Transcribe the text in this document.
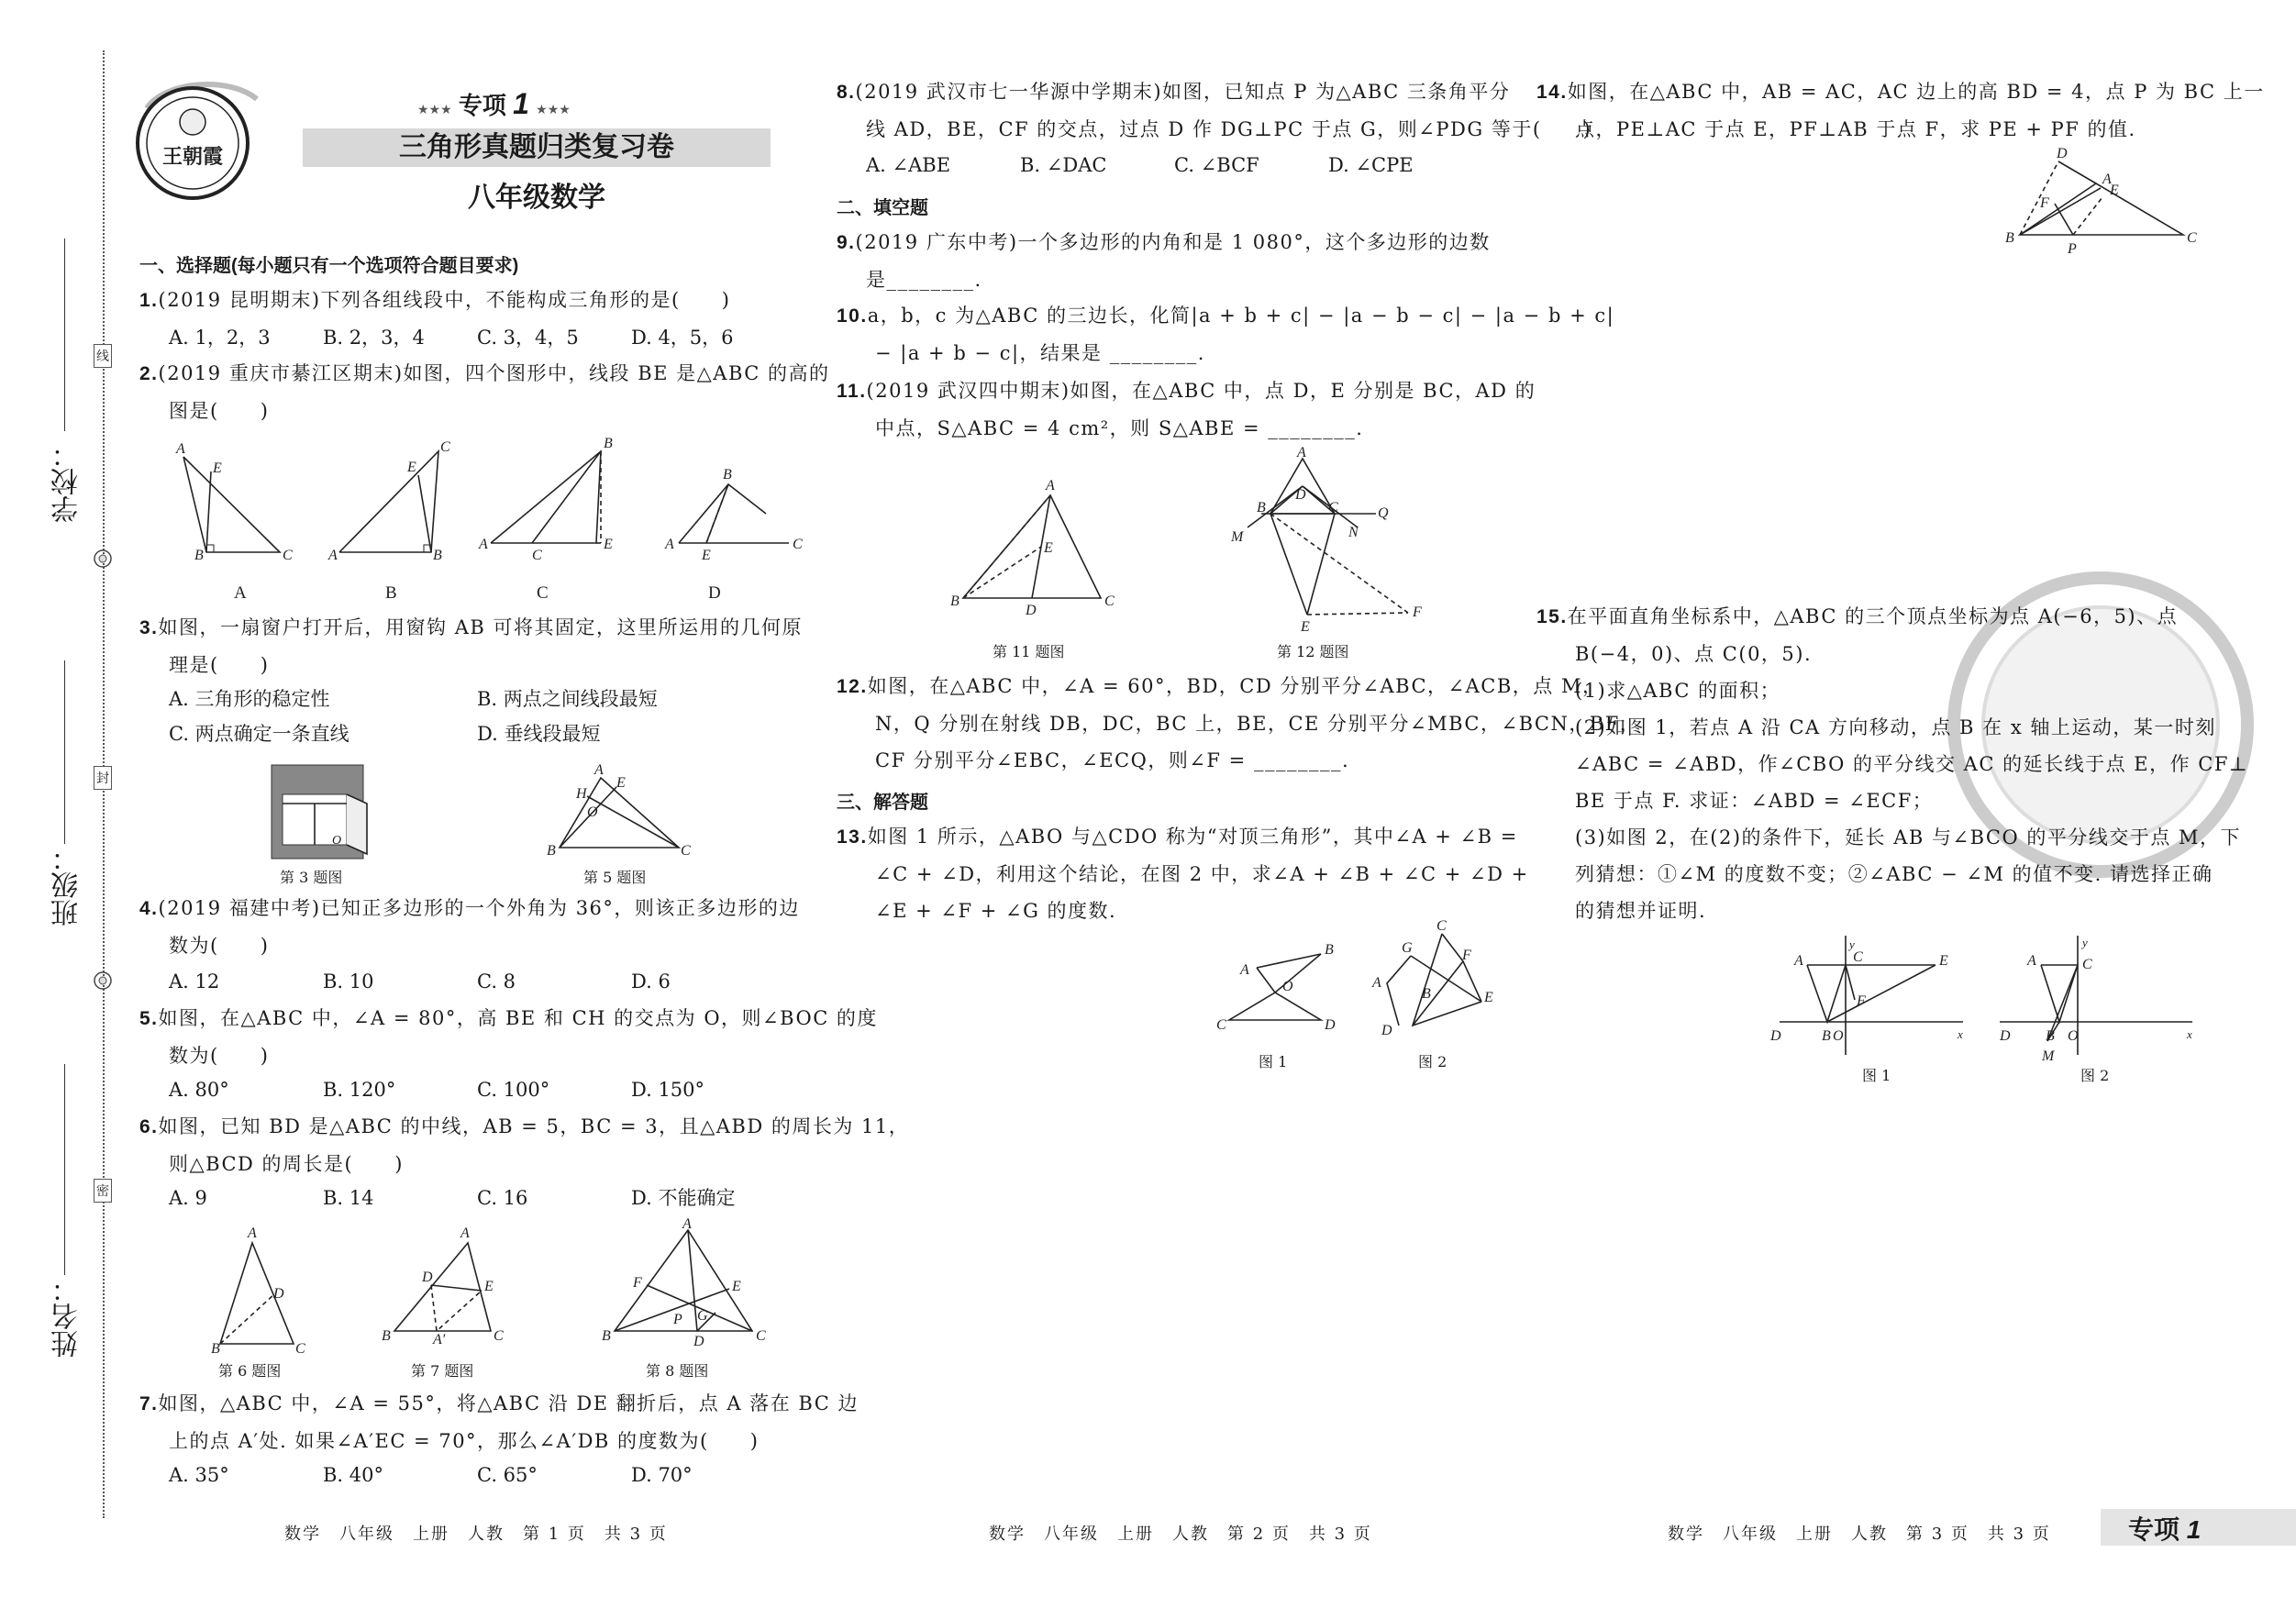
学校：
班级：
姓名：
线
封
密
王朝霞
★★★ 专项 1 ★★★
三角形真题归类复习卷
八年级数学
一、选择题(每小题只有一个选项符合题目要求)
1.(2019 昆明期末)下列各组线段中，不能构成三角形的是(　　)
A. 1，2，3	B. 2，3，4	C. 3，4，5	D. 4，5，6
2.(2019 重庆市綦江区期末)如图，四个图形中，线段 BE 是△ABC 的高的
图是(　　)
A
E
B	C A
E
B
C
A
C
B
E	A
B
E
C
A	B	C	D
3.如图，一扇窗户打开后，用窗钩 AB 可将其固定，这里所运用的几何原
理是(　　)
A. 三角形的稳定性	B. 两点之间线段最短
C. 两点确定一条直线	D. 垂线段最短
O
A
E
H
O
B	C
第 3 题图	第 5 题图
4.(2019 福建中考)已知正多边形的一个外角为 36°，则该正多边形的边
数为(　　)
A. 12	B. 10	C. 8	D. 6
5.如图，在△ABC 中，∠A = 80°，高 BE 和 CH 的交点为 O，则∠BOC 的度
数为(　　)
A. 80°	B. 120°	C. 100°	D. 150°
6.如图，已知 BD 是△ABC 的中线，AB = 5，BC = 3，且△ABD 的周长为 11，
则△BCD 的周长是(　　)
A. 9	B. 14	C. 16	D. 不能确定
A
D
B	C
A
D
E
A′
B	C
A
F	E
G
P
B	D	C
第 6 题图	第 7 题图	第 8 题图
7.如图，△ABC 中，∠A = 55°，将△ABC 沿 DE 翻折后，点 A 落在 BC 边
上的点 A′处. 如果∠A′EC = 70°，那么∠A′DB 的度数为(　　)
A. 35°	B. 40°	C. 65°	D. 70°
8.(2019 武汉市七一华源中学期末)如图，已知点 P 为△ABC 三条角平分
线 AD，BE，CF 的交点，过点 D 作 DG⊥PC 于点 G，则∠PDG 等于(　　)
A. ∠ABE	B. ∠DAC	C. ∠BCF	D. ∠CPE
二、填空题
9.(2019 广东中考)一个多边形的内角和是 1 080°，这个多边形的边数
是________.
10.a，b，c 为△ABC 的三边长，化简|a + b + c| − |a − b − c| − |a − b + c|
− |a + b − c|，结果是 ________.
11.(2019 武汉四中期末)如图，在△ABC 中，点 D，E 分别是 BC，AD 的
中点，S△ABC = 4 cm²，则 S△ABE = ________.
A
E
B
D
C
A
B
D
C	Q
M	N
E
F
第 11 题图	第 12 题图
12.如图，在△ABC 中，∠A = 60°，BD，CD 分别平分∠ABC，∠ACB，点 M，
N，Q 分别在射线 DB，DC，BC 上，BE，CE 分别平分∠MBC，∠BCN，BF，
CF 分别平分∠EBC，∠ECQ，则∠F = ________.
三、解答题
13.如图 1 所示，△ABO 与△CDO 称为“对顶三角形”，其中∠A + ∠B =
∠C + ∠D，利用这个结论，在图 2 中，求∠A + ∠B + ∠C + ∠D +
∠E + ∠F + ∠G 的度数.
A
B
O
C	D
C
G	F
A
E
D
B
图 1	图 2
14.如图，在△ABC 中，AB = AC，AC 边上的高 BD = 4，点 P 为 BC 上一
点，PE⊥AC 于点 E，PF⊥AB 于点 F，求 PE + PF 的值.
D
A
E
F
B
P
C
15.在平面直角坐标系中，△ABC 的三个顶点坐标为点 A(−6，5)、点
B(−4，0)、点 C(0，5).
(1)求△ABC 的面积；
(2)如图 1，若点 A 沿 CA 方向移动，点 B 在 x 轴上运动，某一时刻
∠ABC = ∠ABD，作∠CBO 的平分线交 AC 的延长线于点 E，作 CF⊥
BE 于点 F. 求证：∠ABD = ∠ECF；
(3)如图 2，在(2)的条件下，延长 AB 与∠BCO 的平分线交于点 M，下
列猜想：①∠M 的度数不变；②∠ABC − ∠M 的值不变. 请选择正确
的猜想并证明.
A
y
C	E
F
D	B O	x
A
y
C
D B O
M
x
图 1	图 2
数学　八年级　上册　人教　第 1 页　共 3 页	数学　八年级　上册　人教　第 2 页　共 3 页	数学　八年级　上册　人教　第 3 页　共 3 页	专项 1
